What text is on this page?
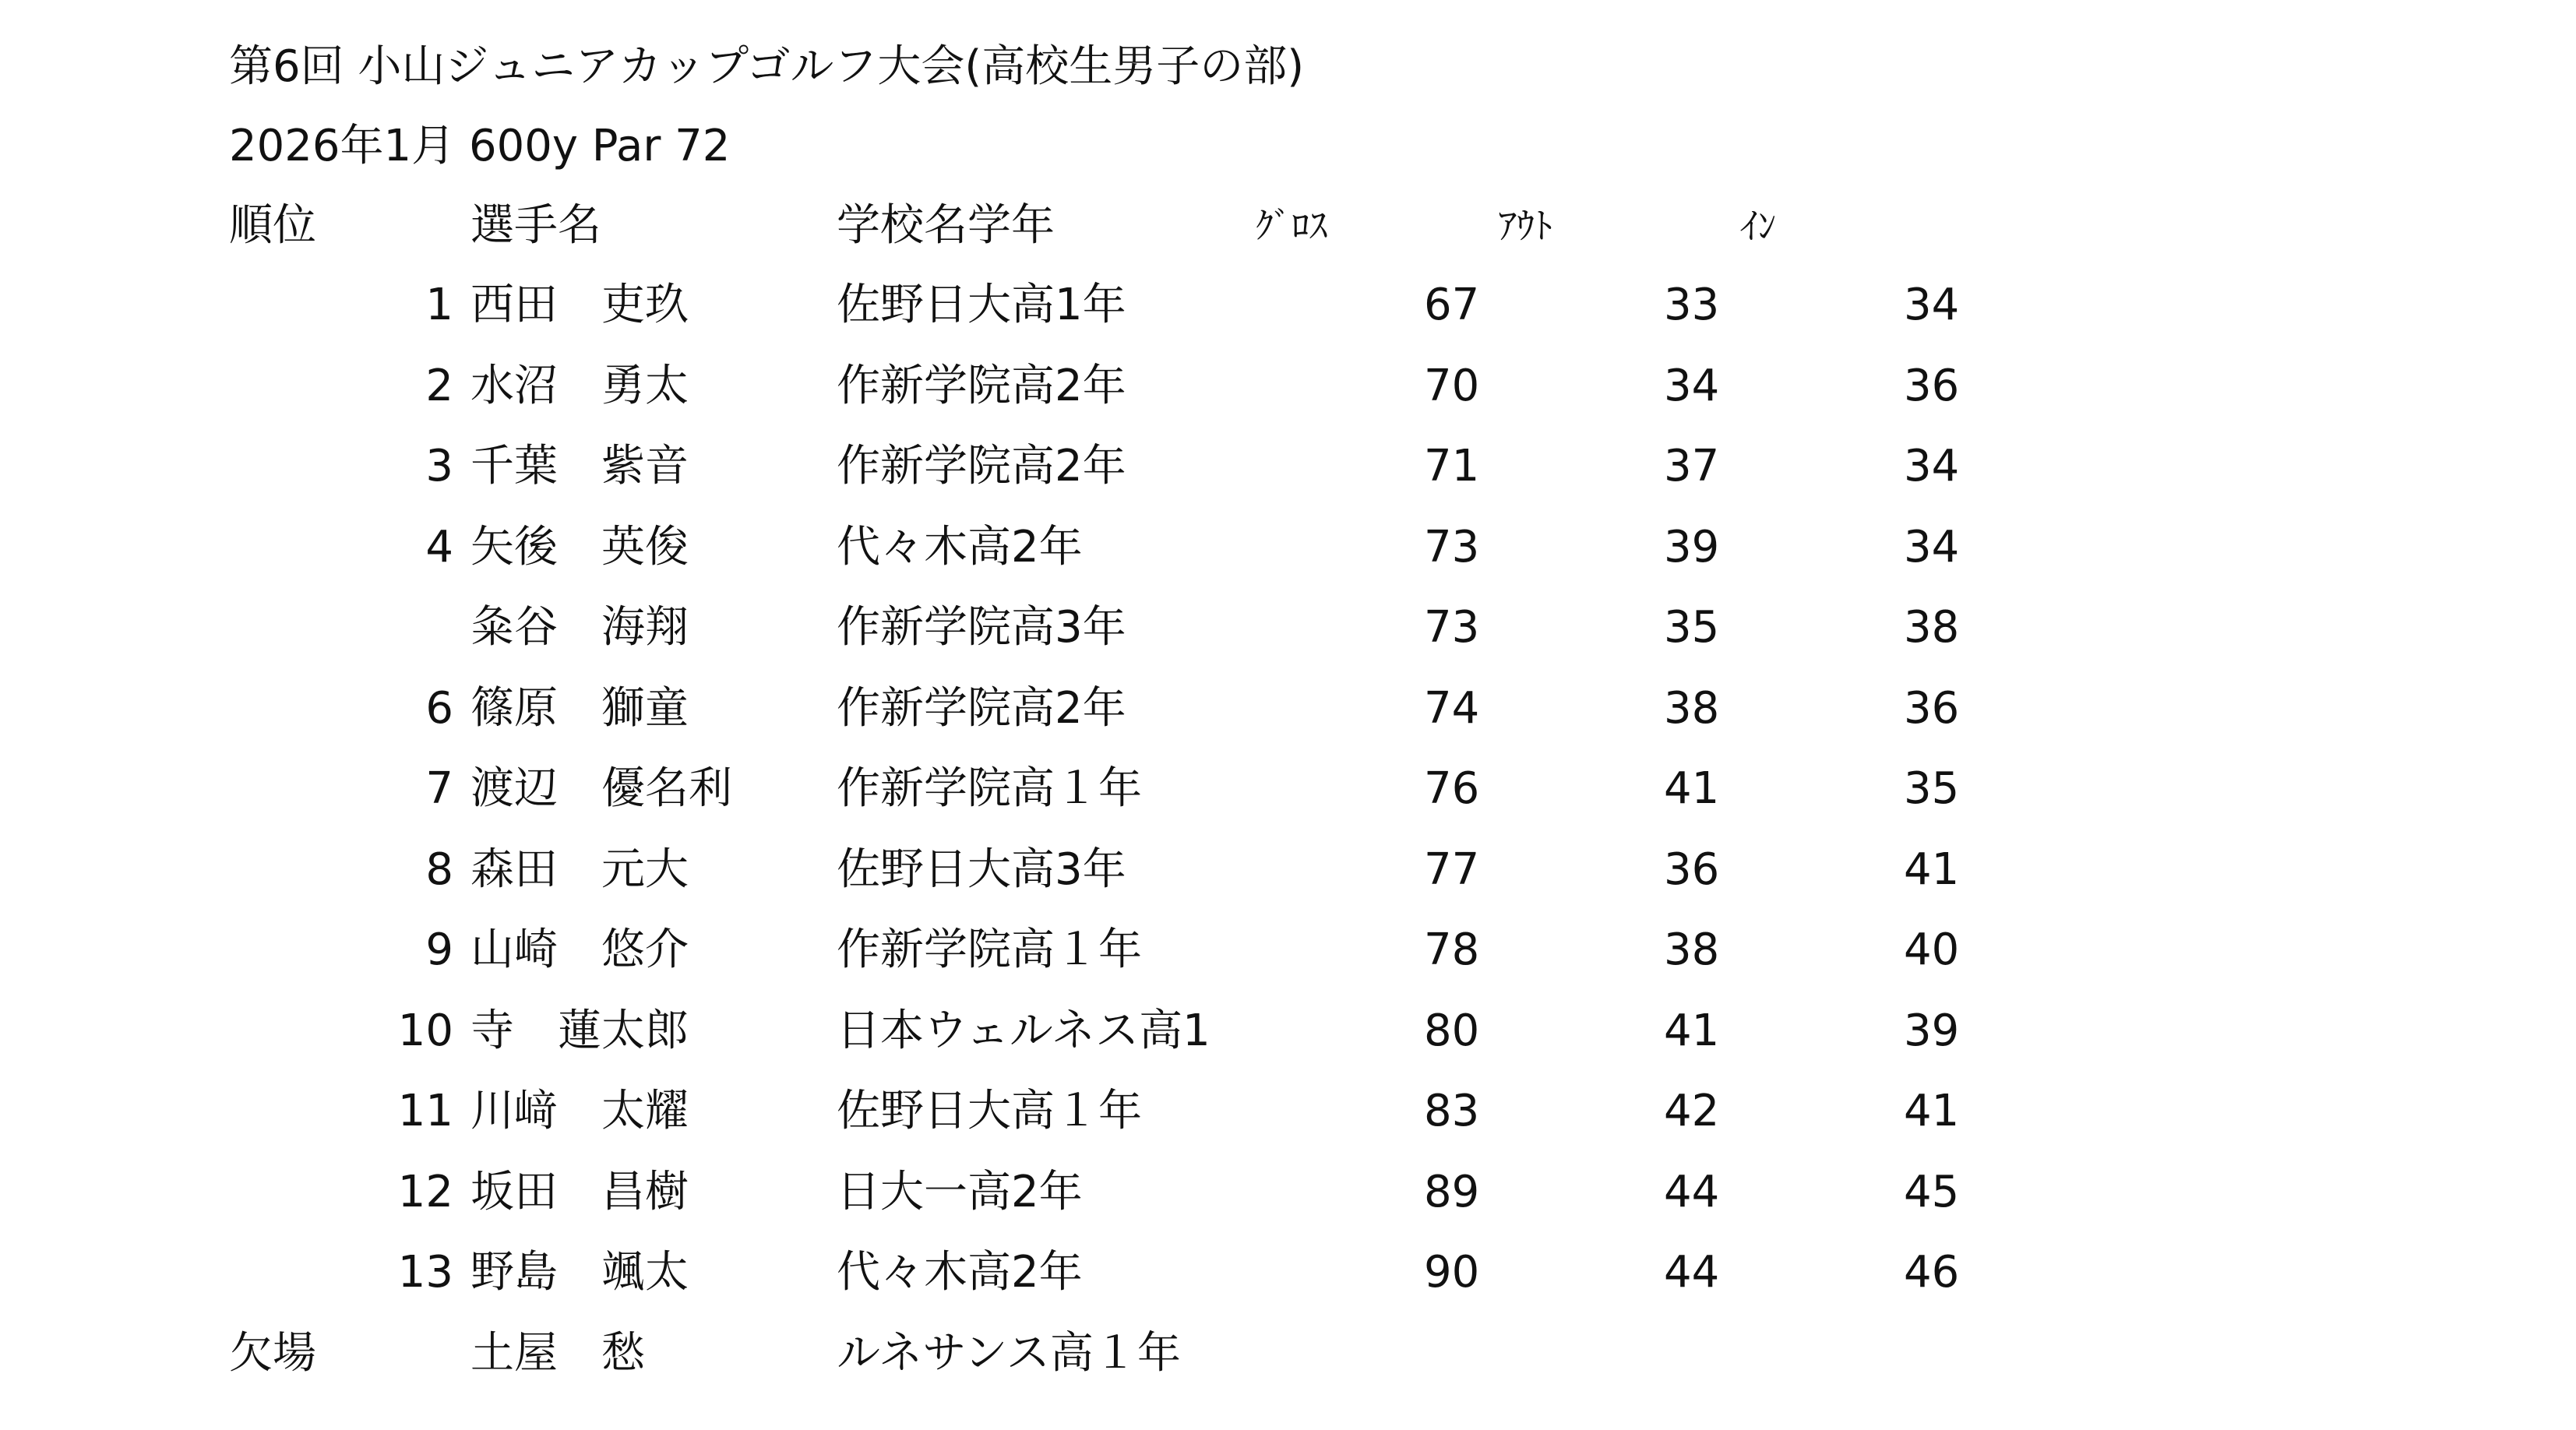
第6回 小山ジュニアカップゴルフ大会(高校生男子の部)
2026年1月 600y Par 72
順位	選手名	学校名学年	ｸﾞﾛｽ	ｱｳﾄ	ｲﾝ
1 西田　吏玖	佐野日大高1年	67	33	34
2 水沼　勇太	作新学院高2年	70	34	36
3 千葉　紫音	作新学院高2年	71	37	34
4 矢後　英俊	代々木高2年	73	39	34
粂谷　海翔	作新学院高3年	73	35	38
6 篠原　獅童	作新学院高2年	74	38	36
7 渡辺　優名利 作新学院高１年	76	41	35
8 森田　元大	佐野日大高3年	77	36	41
9 山崎　悠介	作新学院高１年	78	38	40
10 寺　蓮太郎	日本ウェルネス高1	80	41	39
11 川﨑　太耀	佐野日大高１年	83	42	41
12 坂田　昌樹	日大一高2年	89	44	45
13 野島　颯太	代々木高2年	90	44	46
欠場	土屋　愁	ルネサンス高１年
